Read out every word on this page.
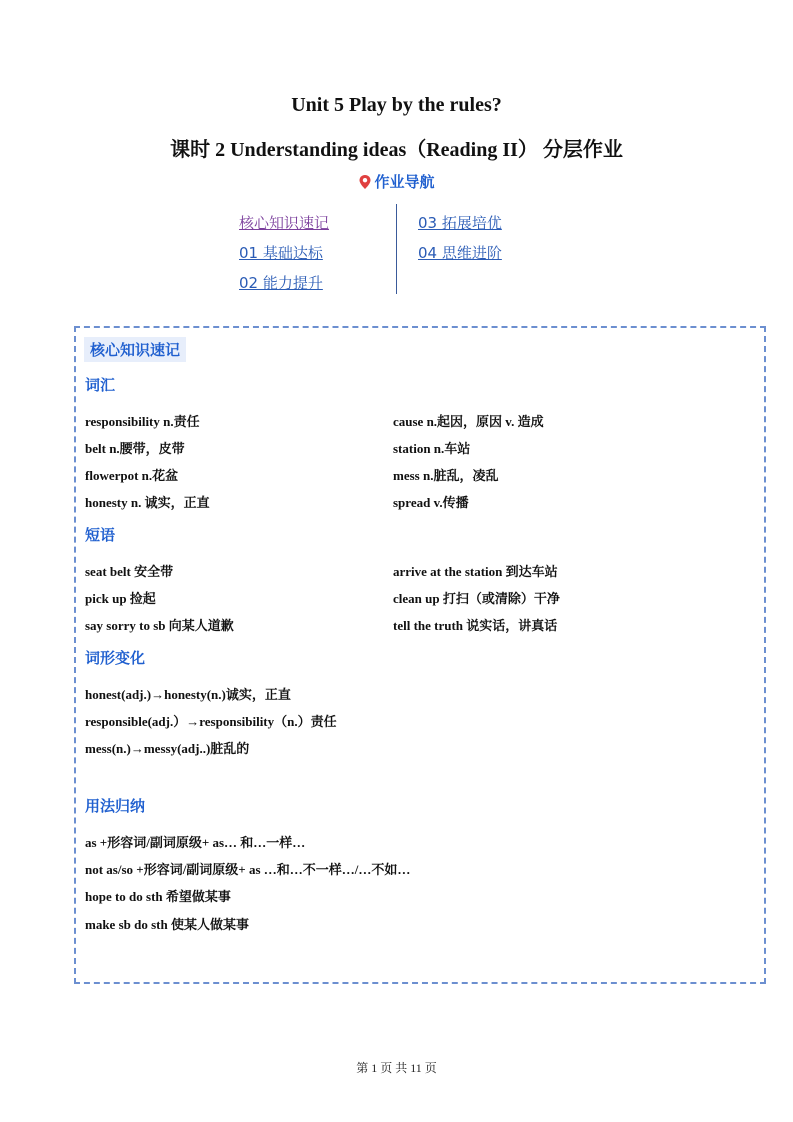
Unit 5 Play by the rules?
课时 2 Understanding ideas（Reading II） 分层作业
作业导航
核心知识速记
01 基础达标
02 能力提升
03 拓展培优
04 思维进阶
核心知识速记
词汇
responsibility n.责任	cause n.起因，原因 v. 造成
belt n.腰带，皮带	station n.车站
flowerpot n.花盆	mess n.脏乱，凌乱
honesty n. 诚实，正直	spread v.传播
短语
seat belt 安全带	arrive at the station 到达车站
pick up 捡起	clean up 打扫（或清除）干净
say sorry to sb 向某人道歉	tell the truth 说实话，讲真话
词形变化
honest(adj.)→honesty(n.)诚实，正直
responsible(adj.）→responsibility（n.）责任
mess(n.)→messy(adj..)脏乱的
用法归纳
as +形容词/副词原级+ as… 和…一样…
not as/so +形容词/副词原级+ as …和…不一样…/…不如…
hope to do sth 希望做某事
make sb do sth 使某人做某事
第 1 页 共 11 页
